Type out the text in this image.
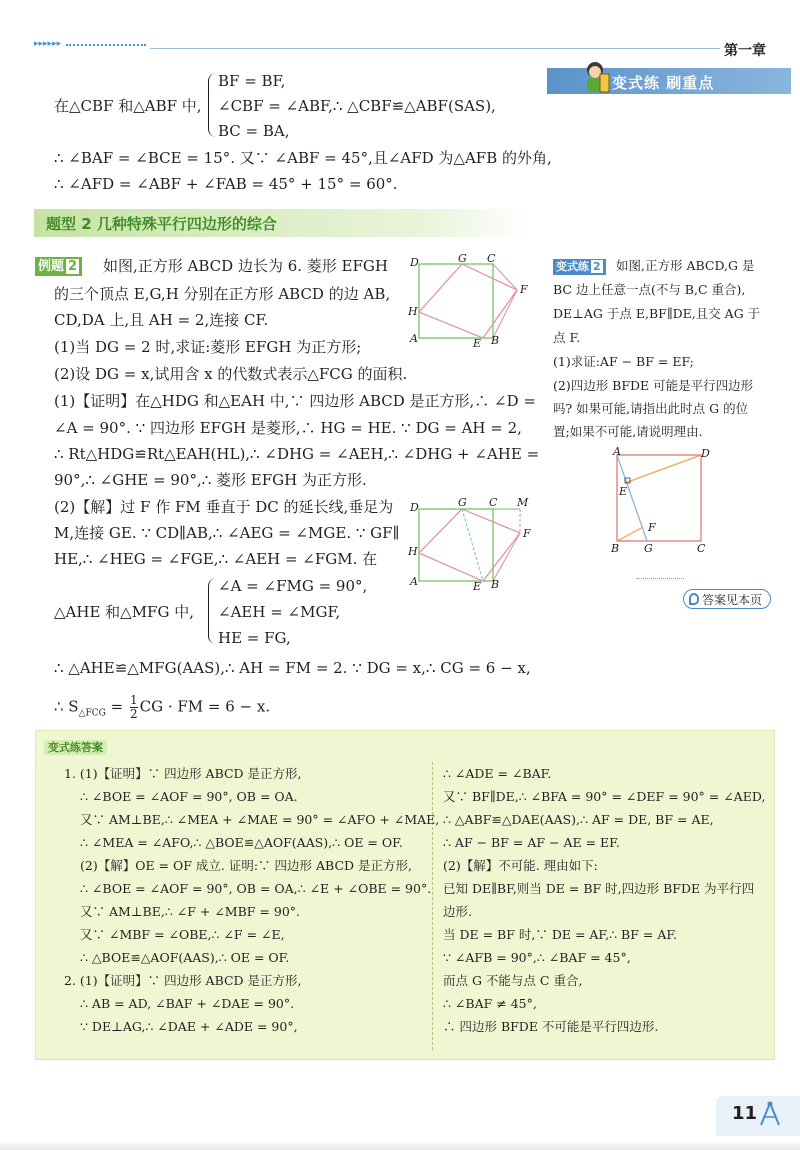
▸▸▸▸▸▸	第一章
变式练 刷重点
在△CBF 和△ABF 中,
BF = BF,
∠CBF = ∠ABF,∴ △CBF≌△ABF(SAS),
BC = BA,
∴ ∠BAF = ∠BCE = 15°. 又∵ ∠ABF = 45°,且∠AFD 为△AFB 的外角,
∴ ∠AFD = ∠ABF + ∠FAB = 45° + 15° = 60°.
题型 2 几种特殊平行四边形的综合
例题 2	如图,正方形 ABCD 边长为 6. 菱形 EFGH
的三个顶点 E,G,H 分别在正方形 ABCD 的边 AB,
CD,DA 上,且 AH = 2,连接 CF.
(1)当 DG = 2 时,求证:菱形 EFGH 为正方形;
(2)设 DG = x,试用含 x 的代数式表示△FCG 的面积.
(1)【证明】在△HDG 和△EAH 中,∵ 四边形 ABCD 是正方形,∴ ∠D =
∠A = 90°. ∵ 四边形 EFGH 是菱形,∴ HG = HE. ∵ DG = AH = 2,
∴ Rt△HDG≌Rt△EAH(HL),∴ ∠DHG = ∠AEH,∴ ∠DHG + ∠AHE =
90°,∴ ∠GHE = 90°,∴ 菱形 EFGH 为正方形.
(2)【解】过 F 作 FM 垂直于 DC 的延长线,垂足为
M,连接 GE. ∵ CD∥AB,∴ ∠AEG = ∠MGE. ∵ GF∥
HE,∴ ∠HEG = ∠FGE,∴ ∠AEH = ∠FGM. 在
△AHE 和△MFG 中,
∠A = ∠FMG = 90°,
∠AEH = ∠MGF,
HE = FG,
∴ △AHE≌△MFG(AAS),∴ AH = FM = 2. ∵ DG = x,∴ CG = 6 − x,
∴ $S_{\triangle FCG} = \frac{1}{2}$ CG · FM = 6 − x.
D	G C
F
H
A	E B
D	G C M
F
H
A	E B
变式练 2	如图,正方形 ABCD,G 是
BC 边上任意一点(不与 B,C 重合),
DE⊥AG 于点 E,BF∥DE,且交 AG 于
点 F.
(1)求证:AF − BF = EF;
(2)四边形 BFDE 可能是平行四边形
吗? 如果可能,请指出此时点 G 的位
置;如果不可能,请说明理由.
A	D
E
F
B G	C
答案见本页
变式练答案
1. (1)【证明】∵ 四边形 ABCD 是正方形,
∴ ∠BOE = ∠AOF = 90°, OB = OA.
又∵ AM⊥BE,∴ ∠MEA + ∠MAE = 90° = ∠AFO + ∠MAE,
∴ ∠MEA = ∠AFO,∴ △BOE≌△AOF(AAS),∴ OE = OF.
(2)【解】OE = OF 成立. 证明:∵ 四边形 ABCD 是正方形,
∴ ∠BOE = ∠AOF = 90°, OB = OA,∴ ∠E + ∠OBE = 90°.
又∵ AM⊥BE,∴ ∠F + ∠MBF = 90°.
又∵ ∠MBF = ∠OBE,∴ ∠F = ∠E,
∴ △BOE≌△AOF(AAS),∴ OE = OF.
2. (1)【证明】∵ 四边形 ABCD 是正方形,
∴ AB = AD, ∠BAF + ∠DAE = 90°.
∵ DE⊥AG,∴ ∠DAE + ∠ADE = 90°,
∴ ∠ADE = ∠BAF.
又∵ BF∥DE,∴ ∠BFA = 90° = ∠DEF = 90° = ∠AED,
∴ △ABF≌△DAE(AAS),∴ AF = DE, BF = AE,
∴ AF − BF = AF − AE = EF.
(2)【解】不可能. 理由如下:
已知 DE∥BF,则当 DE = BF 时,四边形 BFDE 为平行四
边形.
当 DE = BF 时,∵ DE = AF,∴ BF = AF.
∵ ∠AFB = 90°,∴ ∠BAF = 45°,
而点 G 不能与点 C 重合,
∴ ∠BAF ≠ 45°,
∴ 四边形 BFDE 不可能是平行四边形.
11
